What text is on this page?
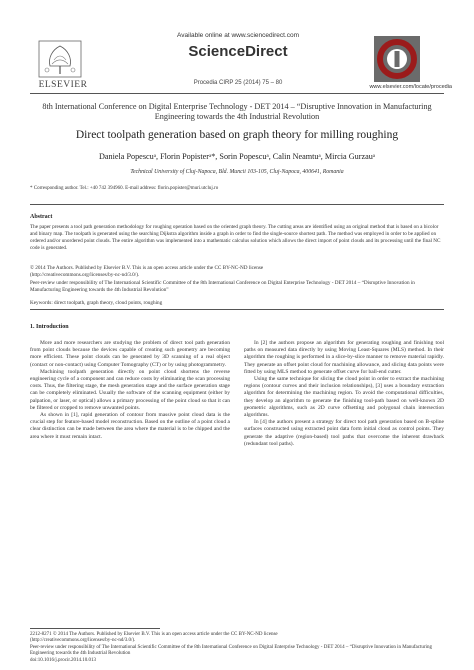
ELSEVIER
Available online at www.sciencedirect.com
ScienceDirect
Procedia CIRP 25 (2014) 75 – 80
www.elsevier.com/locate/procedia
8th International Conference on Digital Enterprise Technology - DET 2014 – “Disruptive Innovation in Manufacturing Engineering towards the 4th Industrial Revolution
Direct toolpath generation based on graph theory for milling roughing
Daniela Popescuᵃ, Florin Popisterᵃ*, Sorin Popescuᵃ, Calin Neamtuᵃ, Mircia Gurzauᵃ
Technical University of Cluj-Napoca, Bld. Muncii 103-105, Cluj-Napoca, 400641, Romania
* Corresponding author. Tel.: +40 742 394960. E-mail address: florin.popister@muri.utcluj.ro
Abstract
The paper presents a tool path generation methodology for roughing operation based on the oriented graph theory. The cutting areas are identified using an original method that is based on a bicolor and binary map. The toolpath is generated using the searching Dijkstra algorithm inside a graph in order to find the single-source shortest path. The method was employed in order to be applied on ordered and/or unordered point clouds. The entire algorithm was implemented into a mathematic calculus solution which allows the direct import of point clouds and its processing until the final NC code is generated.
© 2014 The Authors. Published by Elsevier B.V. This is an open access article under the CC BY-NC-ND license
(http://creativecommons.org/licenses/by-nc-nd/3.0/).
Peer-review under responsibility of The International Scientific Committee of the 8th International Conference on Digital Enterprise Technology - DET 2014 – “Disruptive Innovation in Manufacturing Engineering towards the 4th Industrial Revolution”
Keywords: direct toolpath, graph theory, cloud points, roughing
1. Introduction

More and more researchers are studying the problem of direct tool path generation from point clouds because the devices capable of creating such geometry are becoming more efficient. These point clouds can be generated by 3D scanning of a real object (contact or non-contact) using Computer Tomography (CT) or by using photogrammetry.

Machining toolpath generation directly on point cloud shortens the reverse engineering cycle of a component and can reduce costs by eliminating the scan processing costs. Thus, the filtering stage, the mesh generation stage and the surface generation stage can be completely eliminated. Usually the software of the scanning equipment (either by palpation, or laser, or optical) allows a primary processing of the point cloud so that it can be filtered or cropped to remove unwanted points.

As shown in [1], rapid generation of contour from massive point cloud data is the crucial step for feature-based model reconstruction. Based on the outline of a point cloud a clear distinction can be made between the area where the material is to be chipped and the area where it must remain intact.

In [2] the authors propose an algorithm for generating roughing and finishing tool paths on measured data directly by using Moving Least-Squares (MLS) method. In their algorithm the roughing is performed in a slice-by-slice manner to remove material rapidly. They generate an offset point cloud for machining allowance, and slicing data points were fitted by using MLS method to generate offset curve for ball-end cutter.

Using the same technique for slicing the cloud point in order to extract the machining regions (contour curves and their inclusion relationships), [3] uses a boundary extraction algorithm for determining the machining region. To avoid the computational difficulties, they develop an algorithm to generate the finishing tool-path based on well-known 2D geometric algorithms, such as 2D curve offsetting and polygonal chain intersection algorithms.

In [4] the authors present a strategy for direct tool path generation based on B-spline surfaces constructed using extracted point data form initial cloud as control points. They generate the adaptive (region-based) tool paths that overcome the inherent drawback (redundant tool paths).

2212-8271 © 2014 The Authors. Published by Elsevier B.V. This is an open access article under the CC BY-NC-ND license
(http://creativecommons.org/licenses/by-nc-nd/3.0/).
Peer-review under responsibility of The International Scientific Committee of the 8th International Conference on Digital Enterprise Technology - DET 2014 – “Disruptive Innovation in Manufacturing Engineering towards the 4th Industrial Revolution
doi:10.1016/j.procir.2014.10.013
